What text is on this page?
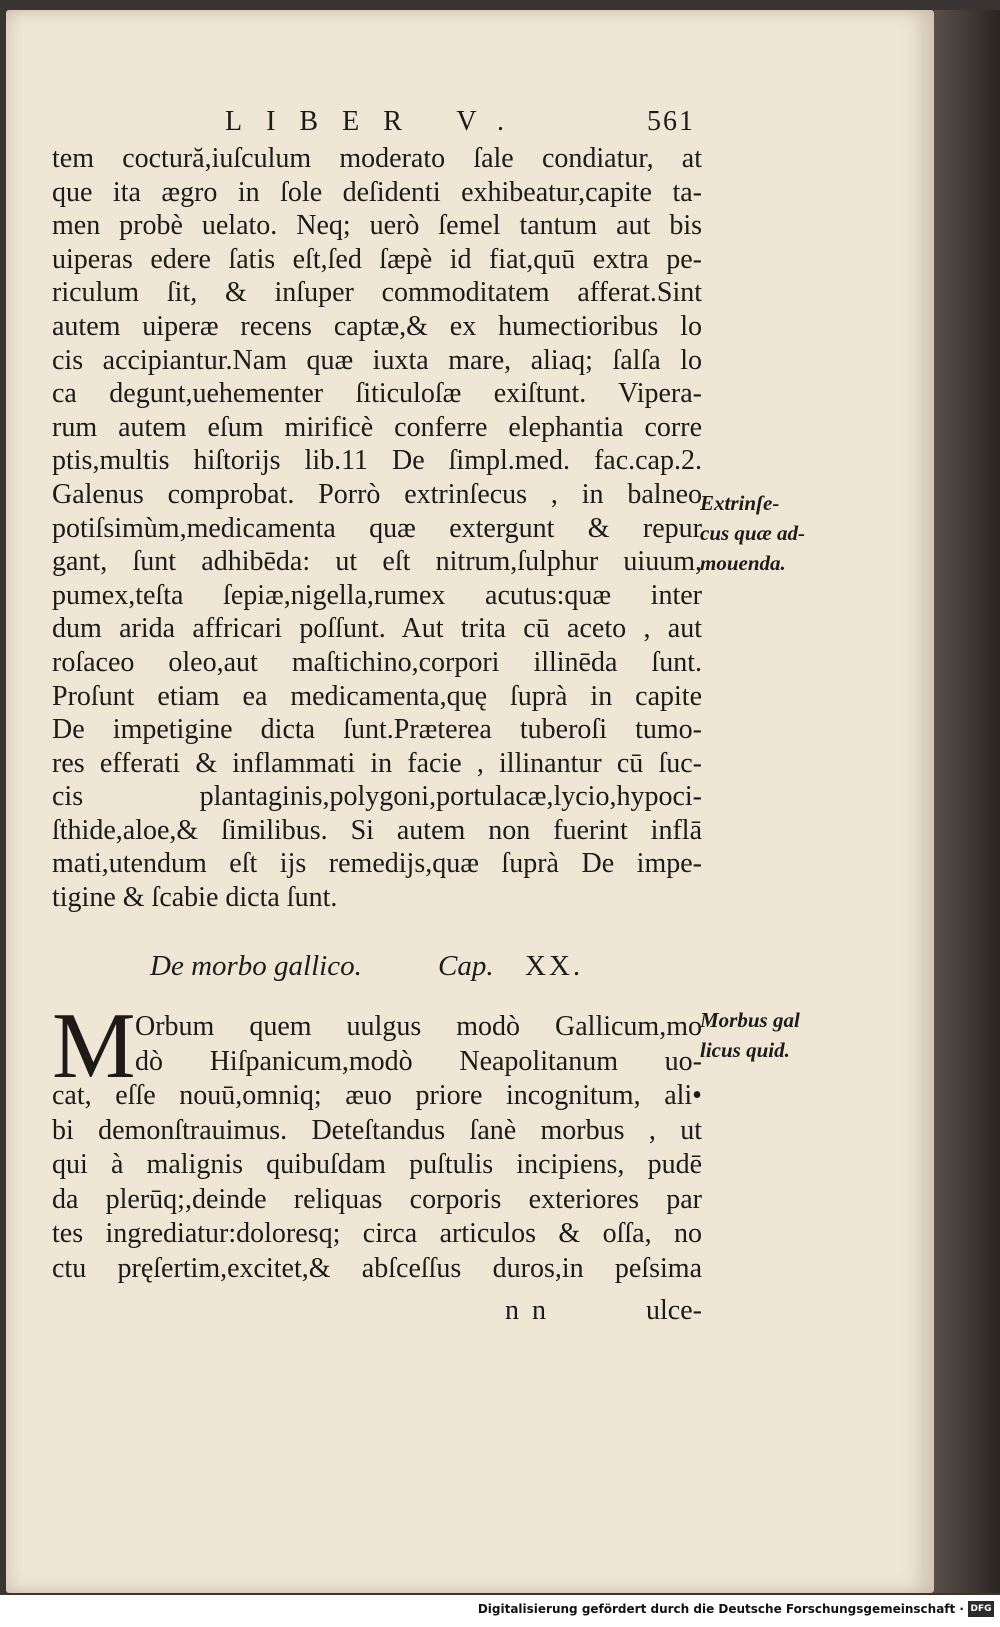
LIBER V.	561
tem coctură,iuſculum moderato ſale condiatur, at
que ita ægro in ſole deſidenti exhibeatur,capite ta-
men probè uelato. Neq; uerò ſemel tantum aut bis
uiperas edere ſatis eſt,ſed ſæpè id fiat,quū extra pe-
riculum ſit, & inſuper commoditatem afferat.Sint
autem uiperæ recens captæ,& ex humectioribus lo
cis accipiantur.Nam quæ iuxta mare, aliaq; ſalſa lo
ca degunt,uehementer ſiticuloſæ exiſtunt. Vipera-
rum autem eſum mirificè conferre elephantia corre
ptis,multis hiſtorijs lib.11 De ſimpl.med. fac.cap.2.
Galenus comprobat. Porrò extrinſecus , in balneo
potiſsimùm,medicamenta quæ extergunt & repur
gant, ſunt adhibēda: ut eſt nitrum,ſulphur uiuum,
pumex,teſta ſepiæ,nigella,rumex acutus:quæ inter
dum arida affricari poſſunt. Aut trita cū aceto , aut
roſaceo oleo,aut maſtichino,corpori illinēda ſunt.
Proſunt etiam ea medicamenta,quę ſuprà in capite
De impetigine dicta ſunt.Præterea tuberoſi tumo-
res efferati & inflammati in facie , illinantur cū ſuc-
cis plantaginis,polygoni,portulacæ,lycio,hypoci-
ſthide,aloe,& ſimilibus. Si autem non fuerint inflā
mati,utendum eſt ijs remedijs,quæ ſuprà De impe-
tigine & ſcabie dicta ſunt.
Extrinſe-
cus quæ ad-
mouenda.
De morbo gallico.	Cap. XX.
M Orbum quem uulgus modò Gallicum,mo
dò Hiſpanicum,modò Neapolitanum uo-
cat, eſſe nouū,omniq; æuo priore incognitum, ali•
bi demonſtrauimus. Deteſtandus ſanè morbus , ut
qui à malignis quibuſdam puſtulis incipiens, pudē
da plerūq;,deinde reliquas corporis exteriores par
tes ingrediatur:doloresq; circa articulos & oſſa, no
ctu pręſertim,excitet,& abſceſſus duros,in peſsima
Morbus gal
licus quid.
n n	ulce-
Digitalisierung gefördert durch die Deutsche Forschungsgemeinschaft · DFG
